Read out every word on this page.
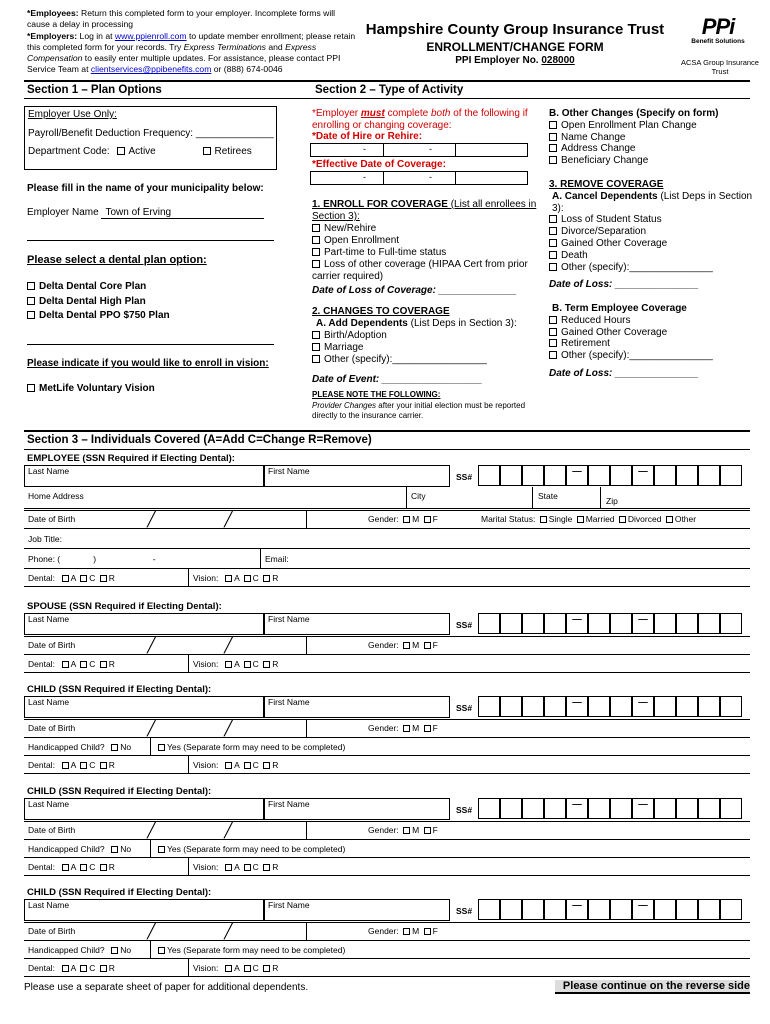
*Employees: Return this completed form to your employer. Incomplete forms will cause a delay in processing
*Employers: Log in at www.ppienroll.com to update member enrollment; please retain this completed form for your records. Try Express Terminations and Express Compensation to easily enter multiple updates. For assistance, please contact PPI Service Team at clientservices@ppibenefits.com or (888) 674-0046
Hampshire County Group Insurance Trust
ENROLLMENT/CHANGE FORM
PPI Employer No. 028000
PPi
Benefit Solutions
ACSA Group Insurance Trust
Section 1 – Plan Options	Section 2 – Type of Activity
Employer Use Only:
Payroll/Benefit Deduction Frequency: ______________
Department Code: Active	Retirees
Please fill in the name of your municipality below:
Employer Name Town of Erving
Please select a dental plan option:
Delta Dental Core Plan
Delta Dental High Plan
Delta Dental PPO $750 Plan
Please indicate if you would like to enroll in vision:
MetLife Voluntary Vision
*Employer must complete both of the following if enrolling or changing coverage:
*Date of Hire or Rehire:
-	-
*Effective Date of Coverage:
-	-
1. ENROLL FOR COVERAGE (List all enrollees in Section 3):
New/Rehire
Open Enrollment
Part-time to Full-time status
Loss of other coverage (HIPAA Cert from prior carrier required)
Date of Loss of Coverage: ______________
2. CHANGES TO COVERAGE
A. Add Dependents (List Deps in Section 3):
Birth/Adoption
Marriage
Other (specify):_________________
Date of Event: __________________
PLEASE NOTE THE FOLLOWING:
Provider Changes after your initial election must be reported directly to the insurance carrier.
B. Other Changes (Specify on form)
Open Enrollment Plan Change
Name Change
Address Change
Beneficiary Change
3. REMOVE COVERAGE
A. Cancel Dependents (List Deps in Section 3):
Loss of Student Status
Divorce/Separation
Gained Other Coverage
Death
Other (specify):_______________
Date of Loss: _______________
B. Term Employee Coverage
Reduced Hours
Gained Other Coverage
Retirement
Other (specify):_______________
Date of Loss: _______________
Section 3 – Individuals Covered (A=Add C=Change R=Remove)
EMPLOYEE (SSN Required if Electing Dental):
Last Name	First Name
SS#	—	—
Home Address	City	State	Zip
Date of Birth	╱	╱	Gender: M F	Marital Status: Single Married Divorced Other
Job Title:
Phone: (              )                        -	Email:
Dental: A C R	Vision: A C R
SPOUSE (SSN Required if Electing Dental):
Last Name	First Name
SS#	—	—
Date of Birth	╱	╱	Gender: M F
Dental: A C R	Vision: A C R
CHILD (SSN Required if Electing Dental):
Last Name	First Name
SS#	—	—
Date of Birth	╱	╱	Gender: M F
Handicapped Child? No	Yes (Separate form may need to be completed)
Dental: A C R	Vision: A C R
CHILD (SSN Required if Electing Dental):
Last Name	First Name
SS#	—	—
Date of Birth	╱	╱	Gender: M F
Handicapped Child? No	Yes (Separate form may need to be completed)
Dental: A C R	Vision: A C R
CHILD (SSN Required if Electing Dental):
Last Name	First Name
SS#	—	—
Date of Birth	╱	╱	Gender: M F
Handicapped Child? No	Yes (Separate form may need to be completed)
Dental: A C R	Vision: A C R
Please use a separate sheet of paper for additional dependents.	Please continue on the reverse side
